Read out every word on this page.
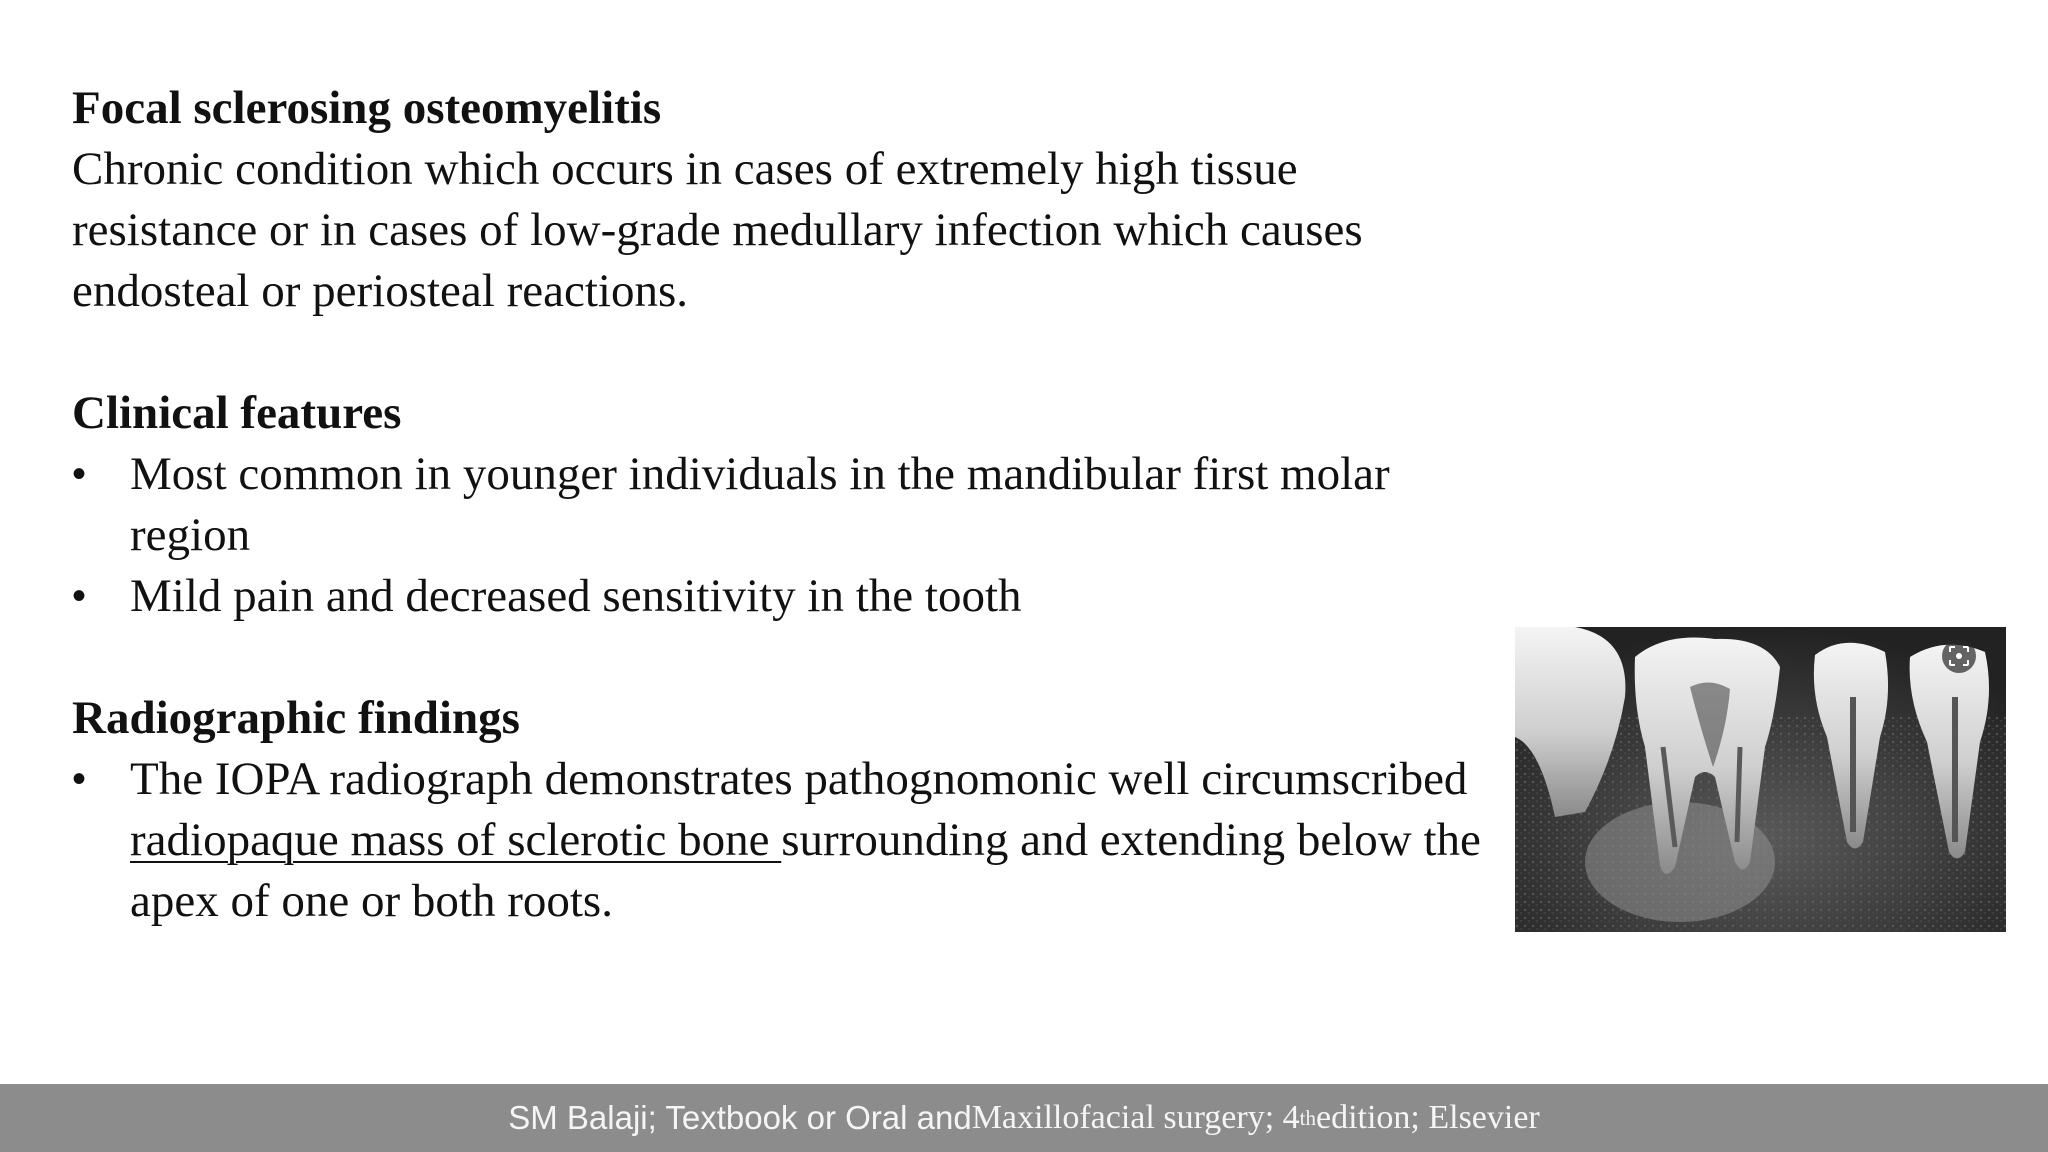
Focal sclerosing osteomyelitis

Chronic condition which occurs in cases of extremely high tissue resistance or in cases of low-grade medullary infection which causes endosteal or periosteal reactions.

Clinical features

• Most common in younger individuals in the mandibular first molar region
• Mild pain and decreased sensitivity in the tooth

Radiographic findings

• The IOPA radiograph demonstrates pathognomonic well circumscribed radiopaque mass of sclerotic bone surrounding and extending below the apex of one or both roots.
SM Balaji; Textbook or Oral and Maxillofacial surgery; 4 th edition; Elsevier
